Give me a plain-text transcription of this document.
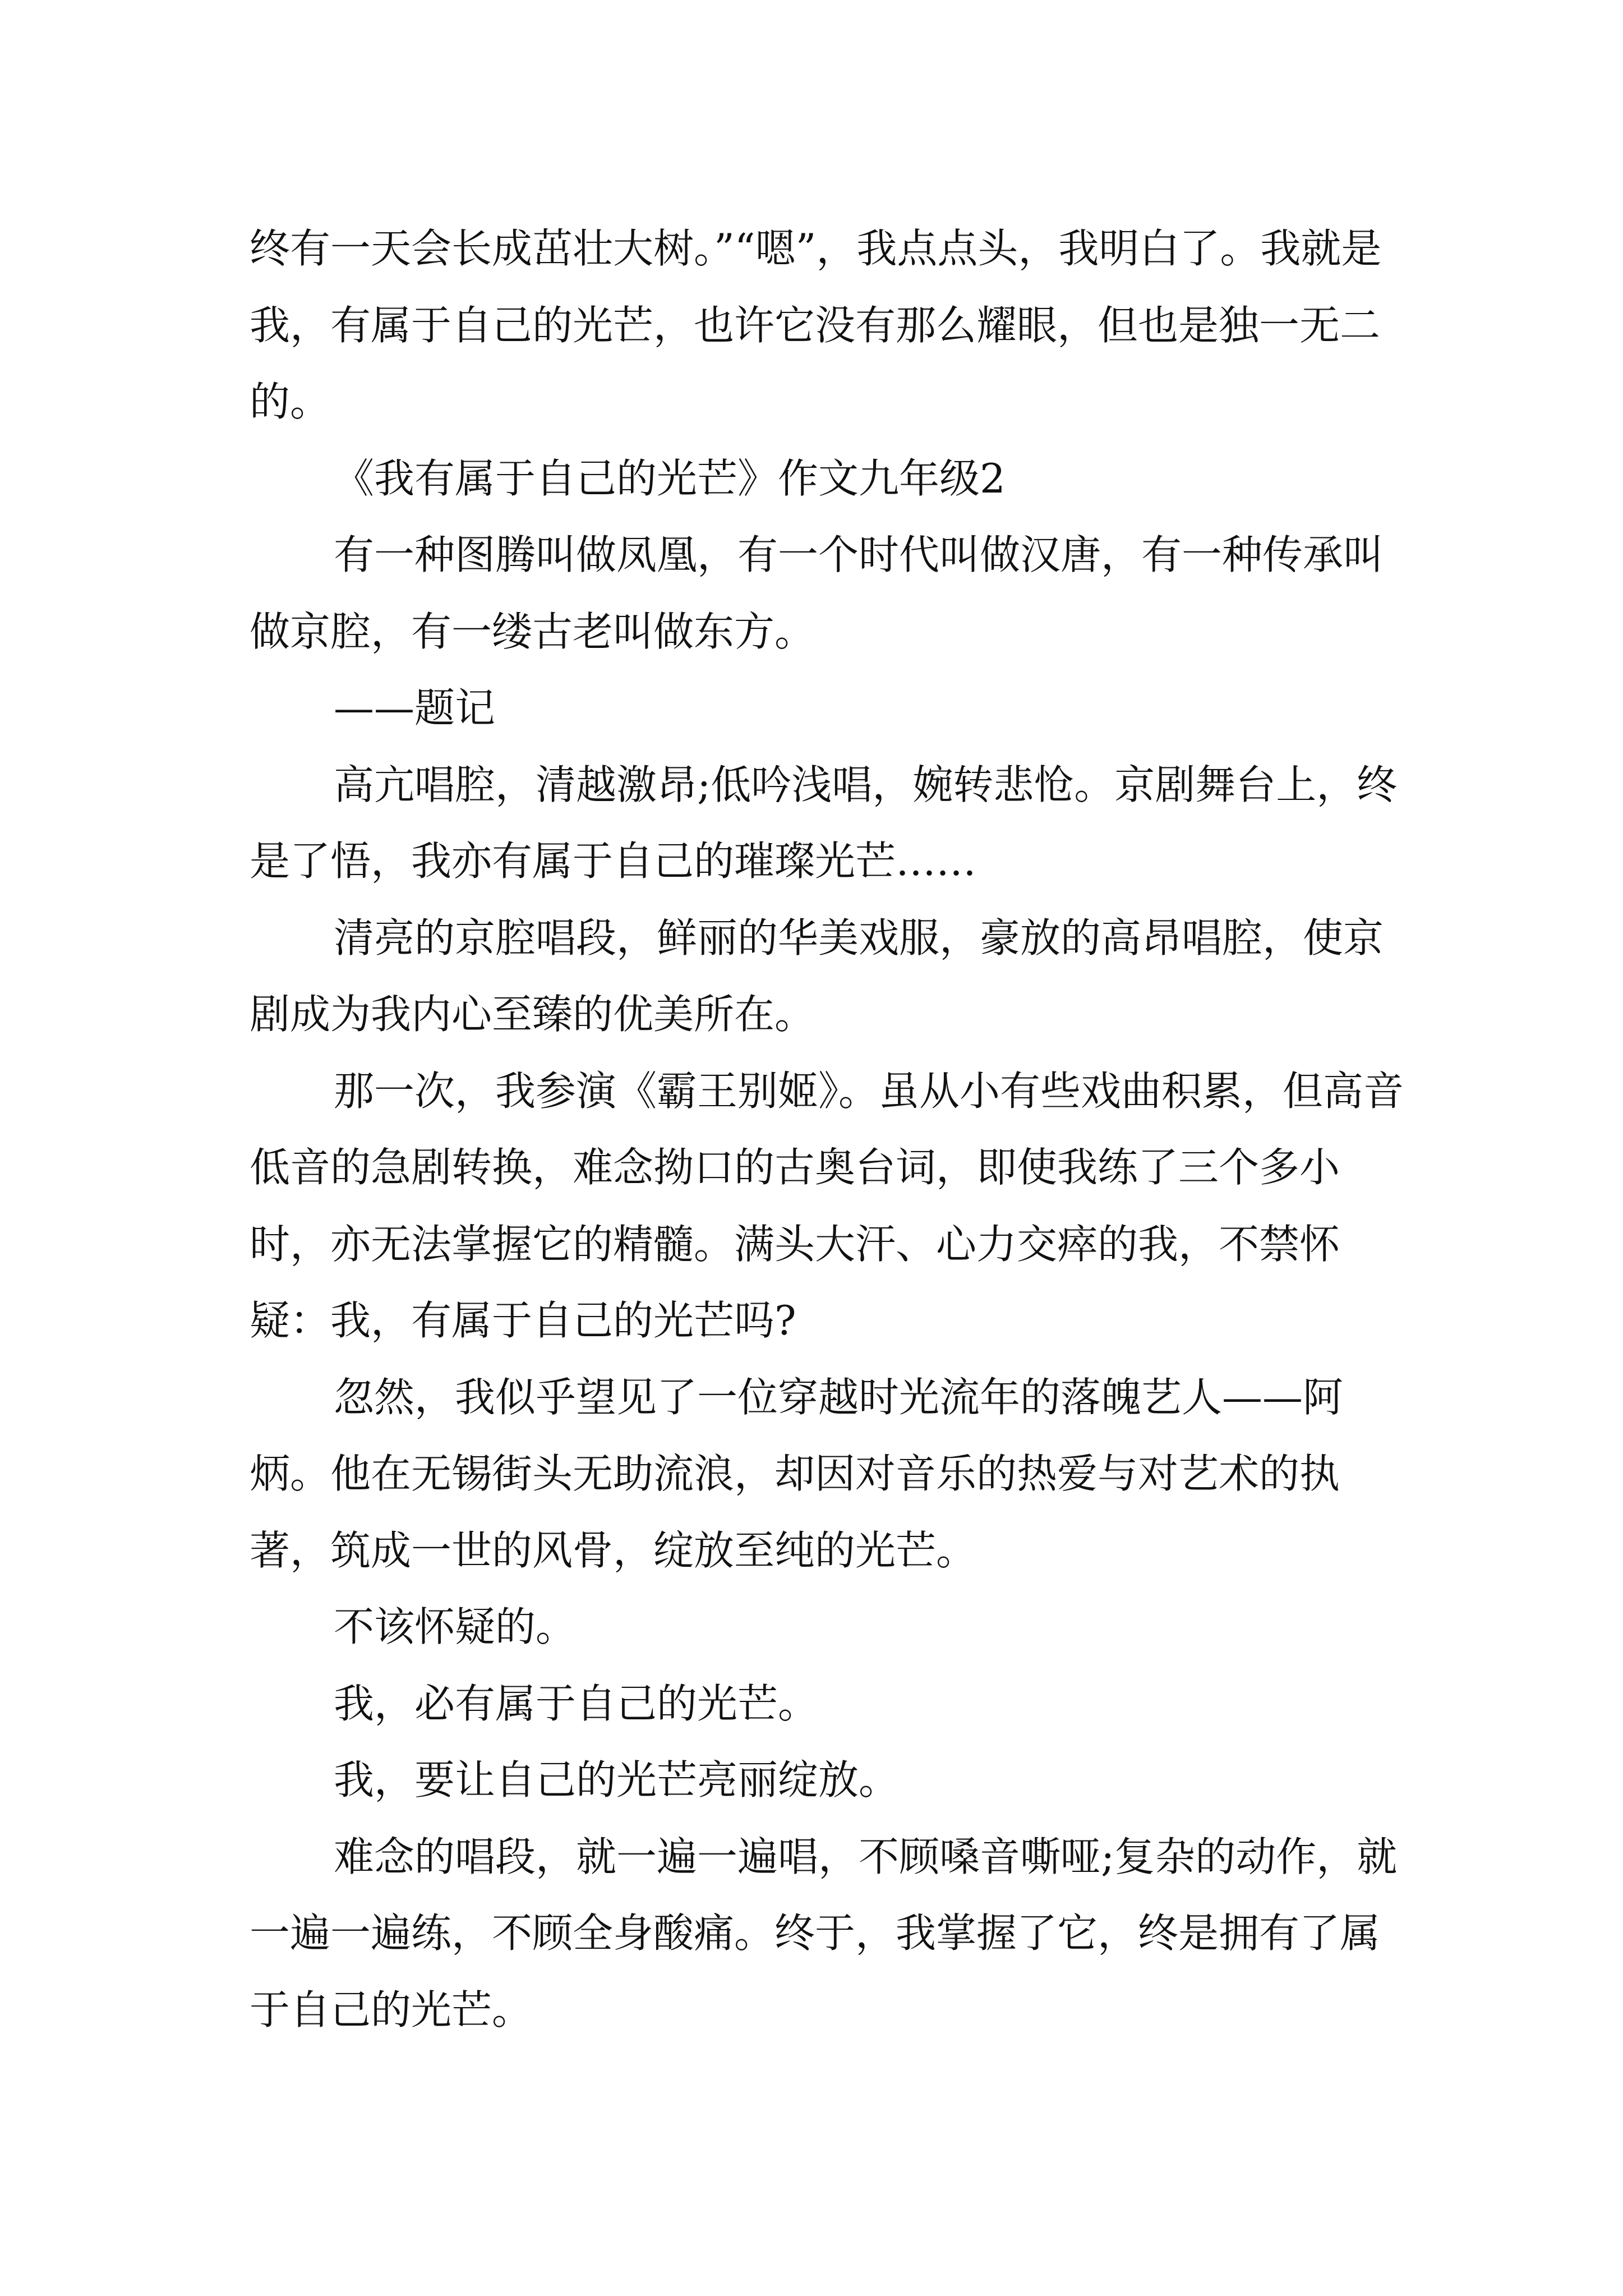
终有一天会长成茁壮大树。”“嗯”，我点点头，我明白了。我就是我，有属于自己的光芒，也许它没有那么耀眼，但也是独一无二的。

《我有属于自己的光芒》作文九年级2

有一种图腾叫做凤凰，有一个时代叫做汉唐，有一种传承叫做京腔，有一缕古老叫做东方。

——题记

高亢唱腔，清越激昂;低吟浅唱，婉转悲怆。京剧舞台上，终是了悟，我亦有属于自己的璀璨光芒……

清亮的京腔唱段，鲜丽的华美戏服，豪放的高昂唱腔，使京剧成为我内心至臻的优美所在。

那一次，我参演《霸王别姬》。虽从小有些戏曲积累，但高音低音的急剧转换，难念拗口的古奥台词，即使我练了三个多小时，亦无法掌握它的精髓。满头大汗、心力交瘁的我，不禁怀疑：我，有属于自己的光芒吗?

忽然，我似乎望见了一位穿越时光流年的落魄艺人——阿炳。他在无锡街头无助流浪，却因对音乐的热爱与对艺术的执著，筑成一世的风骨，绽放至纯的光芒。

不该怀疑的。

我，必有属于自己的光芒。

我，要让自己的光芒亮丽绽放。

难念的唱段，就一遍一遍唱，不顾嗓音嘶哑;复杂的动作，就一遍一遍练，不顾全身酸痛。终于，我掌握了它，终是拥有了属于自己的光芒。
